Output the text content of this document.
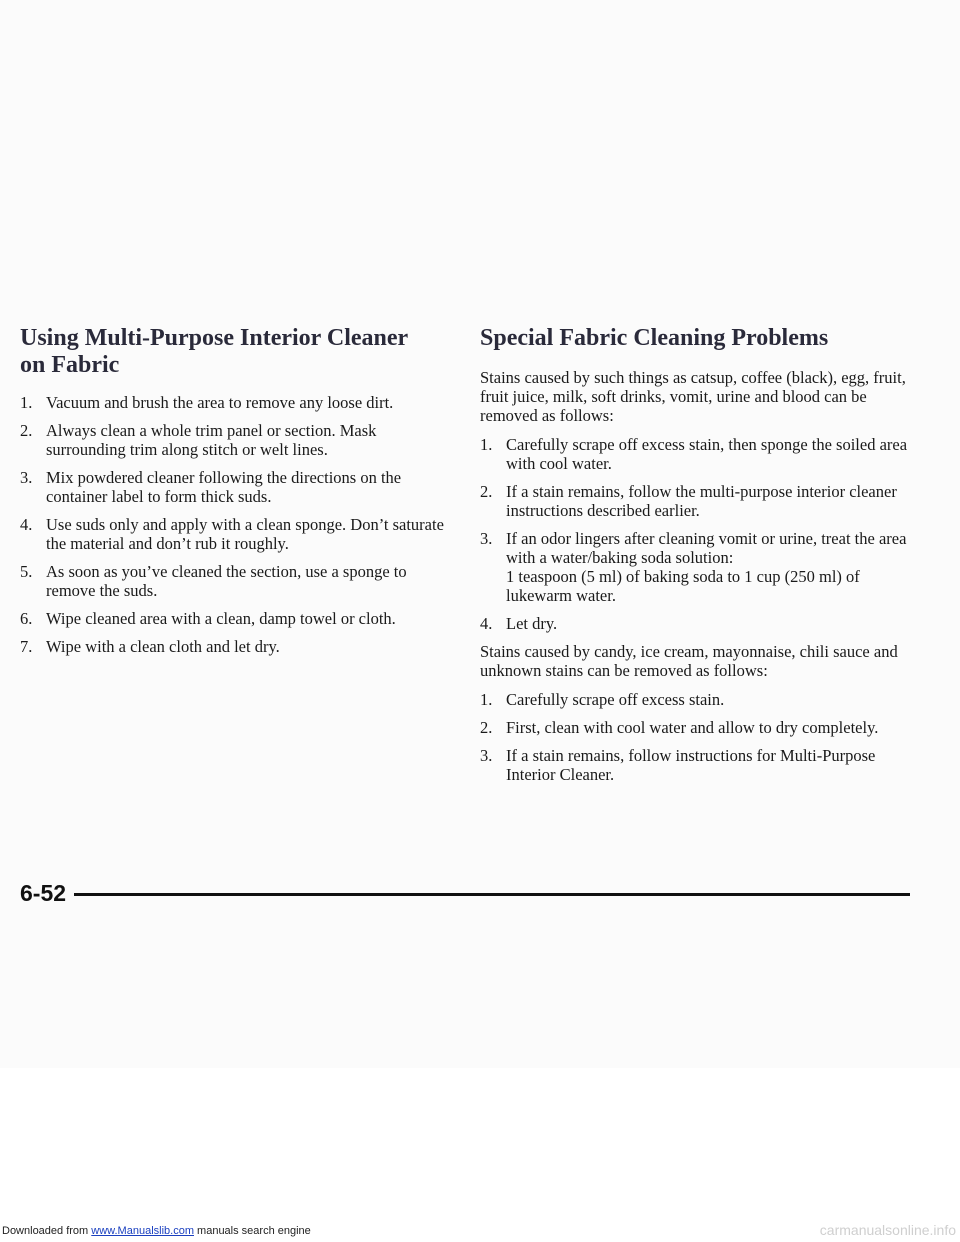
Using Multi-Purpose Interior Cleaner
on Fabric
1. Vacuum and brush the area to remove any loose dirt.
2. Always clean a whole trim panel or section. Mask surrounding trim along stitch or welt lines.
3. Mix powdered cleaner following the directions on the container label to form thick suds.
4. Use suds only and apply with a clean sponge. Don’t saturate the material and don’t rub it roughly.
5. As soon as you’ve cleaned the section, use a sponge to remove the suds.
6. Wipe cleaned area with a clean, damp towel or cloth.
7. Wipe with a clean cloth and let dry.
Special Fabric Cleaning Problems

Stains caused by such things as catsup, coffee (black), egg, fruit, fruit juice, milk, soft drinks, vomit, urine and blood can be removed as follows:

1. Carefully scrape off excess stain, then sponge the soiled area with cool water.
2. If a stain remains, follow the multi-purpose interior cleaner instructions described earlier.
3. If an odor lingers after cleaning vomit or urine, treat the area with a water/baking soda solution:
1 teaspoon (5 ml) of baking soda to 1 cup (250 ml) of lukewarm water.
4. Let dry.

Stains caused by candy, ice cream, mayonnaise, chili sauce and unknown stains can be removed as follows:

1. Carefully scrape off excess stain.
2. First, clean with cool water and allow to dry completely.
3. If a stain remains, follow instructions for Multi-Purpose Interior Cleaner.
6-52
Downloaded from www.Manualslib.com manuals search engine	carmanualsonline.info
